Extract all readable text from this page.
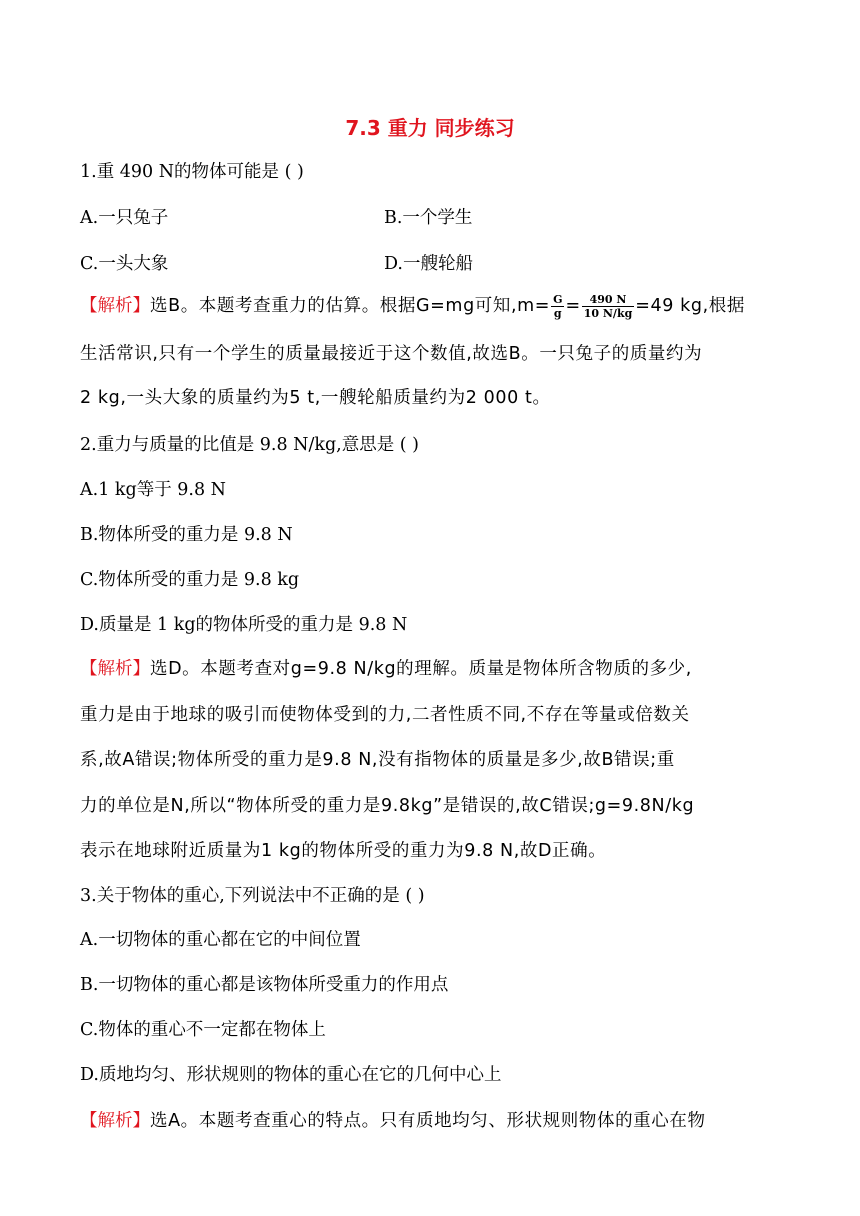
7.3 重力 同步练习
1.重 490 N的物体可能是 ( )
A.一只兔子	B.一个学生
C.一头大象	D.一艘轮船
【解析】选B。本题考查重力的估算。根据G=mg可知$,m= \frac{G}{g} = \frac{490 N}{10 N/kg} =49$ kg,根据
生活常识,只有一个学生的质量最接近于这个数值,故选B。一只兔子的质量约为
2 kg,一头大象的质量约为5 t,一艘轮船质量约为2 000 t。
2.重力与质量的比值是 9.8 N/kg,意思是 ( )
A.1 kg等于 9.8 N
B.物体所受的重力是 9.8 N
C.物体所受的重力是 9.8 kg
D.质量是 1 kg的物体所受的重力是 9.8 N
【解析】选D。本题考查对g=9.8 N/kg的理解。质量是物体所含物质的多少,
重力是由于地球的吸引而使物体受到的力,二者性质不同,不存在等量或倍数关
系,故A错误;物体所受的重力是9.8 N,没有指物体的质量是多少,故B错误;重
力的单位是N,所以“物体所受的重力是9.8kg”是错误的,故C错误;g=9.8N/kg
表示在地球附近质量为1 kg的物体所受的重力为9.8 N,故D正确。
3.关于物体的重心,下列说法中不正确的是 ( )
A.一切物体的重心都在它的中间位置
B.一切物体的重心都是该物体所受重力的作用点
C.物体的重心不一定都在物体上
D.质地均匀、形状规则的物体的重心在它的几何中心上
【解析】选A。本题考查重心的特点。只有质地均匀、形状规则物体的重心在物
